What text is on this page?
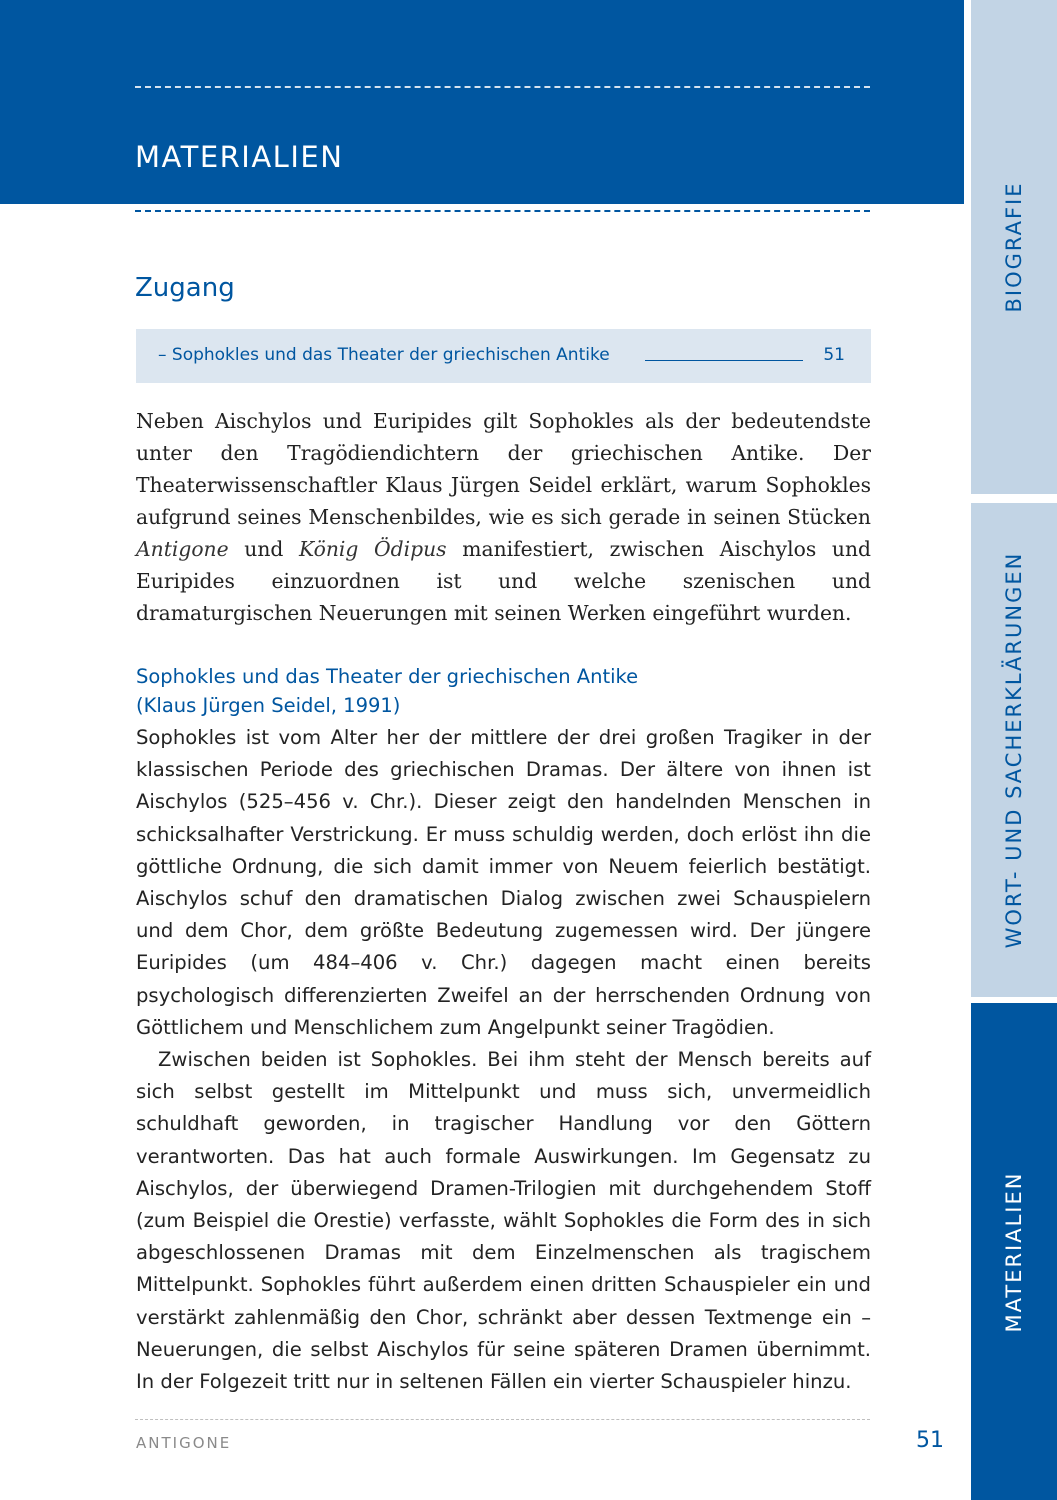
MATERIALIEN
Zugang
– Sophokles und das Theater der griechischen Antike	51

Neben Aischylos und Euripides gilt Sophokles als der bedeutendste unter den Tragödiendichtern der griechischen Antike. Der Theaterwissenschaftler Klaus Jürgen Seidel erklärt, warum Sophokles aufgrund seines Menschenbildes, wie es sich gerade in seinen Stücken Antigone und König Ödipus manifestiert, zwischen Aischylos und Euripides einzuordnen ist und welche szenischen und dramaturgischen Neuerungen mit seinen Werken eingeführt wurden.

Sophokles und das Theater der griechischen Antike
(Klaus Jürgen Seidel, 1991)

Sophokles ist vom Alter her der mittlere der drei großen Tragiker in der klassischen Periode des griechischen Dramas. Der ältere von ihnen ist Aischylos (525–456 v. Chr.). Dieser zeigt den handelnden Menschen in schicksalhafter Verstrickung. Er muss schuldig werden, doch erlöst ihn die göttliche Ordnung, die sich damit immer von Neuem feierlich bestätigt. Aischylos schuf den dramatischen Dialog zwischen zwei Schauspielern und dem Chor, dem größte Bedeutung zugemessen wird. Der jüngere Euripides (um 484–406 v. Chr.) dagegen macht einen bereits psychologisch differenzierten Zweifel an der herrschenden Ordnung von Göttlichem und Menschlichem zum Angelpunkt seiner Tragödien.

Zwischen beiden ist Sophokles. Bei ihm steht der Mensch bereits auf sich selbst gestellt im Mittelpunkt und muss sich, unvermeidlich schuldhaft geworden, in tragischer Handlung vor den Göttern verantworten. Das hat auch formale Auswirkungen. Im Gegensatz zu Aischylos, der überwiegend Dramen-Trilogien mit durchgehendem Stoff (zum Beispiel die Orestie) verfasste, wählt Sophokles die Form des in sich abgeschlossenen Dramas mit dem Einzelmenschen als tragischem Mittelpunkt. Sophokles führt außerdem einen dritten Schauspieler ein und verstärkt zahlenmäßig den Chor, schränkt aber dessen Textmenge ein – Neuerungen, die selbst Aischylos für seine späteren Dramen übernimmt. In der Folgezeit tritt nur in seltenen Fällen ein vierter Schauspieler hinzu.

ANTIGONE	51
BIOGRAFIE
WORT- UND SACHERKLÄRUNGEN
MATERIALIEN
